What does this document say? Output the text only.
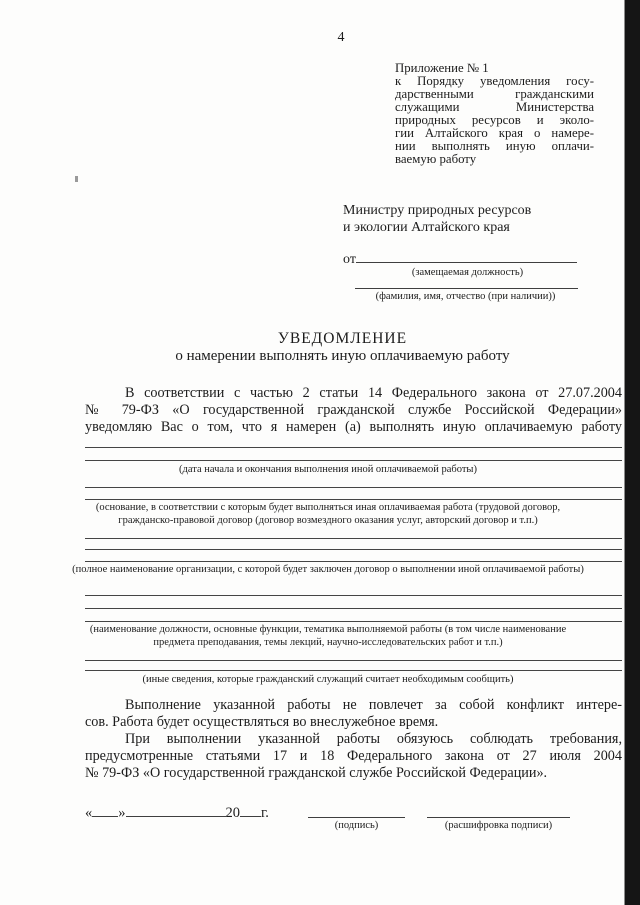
4
Приложение № 1
к Порядку уведомления госу-
дарственными гражданскими
служащими Министерства
природных ресурсов и эколо-
гии Алтайского края о намере-
нии выполнять иную оплачи-
ваемую работу
Министру природных ресурсов
и экологии Алтайского края
от
(замещаемая должность)
(фамилия, имя, отчество (при наличии))
УВЕДОМЛЕНИЕ
о намерении выполнять иную оплачиваемую работу
В соответствии с частью 2 статьи 14 Федерального закона от 27.07.2004
№ 79-ФЗ «О государственной гражданской службе Российской Федерации»
уведомляю Вас о том, что я намерен (а) выполнять иную оплачиваемую работу
(дата начала и окончания выполнения иной оплачиваемой работы)
(основание, в соответствии с которым будет выполняться иная оплачиваемая работа (трудовой договор, гражданско-правовой договор (договор возмездного оказания услуг, авторский договор и т.п.)
(полное наименование организации, с которой будет заключен договор о выполнении иной оплачиваемой работы)
(наименование должности, основные функции, тематика выполняемой работы (в том числе наименование предмета преподавания, темы лекций, научно-исследовательских работ и т.п.)
(иные сведения, которые гражданский служащий считает необходимым сообщить)
Выполнение указанной работы не повлечет за собой конфликт интере-
сов. Работа будет осуществляться во внеслужебное время.
При выполнении указанной работы обязуюсь соблюдать требования,
предусмотренные статьями 17 и 18 Федерального закона от 27 июля 2004
№ 79-ФЗ «О государственной гражданской службе Российской Федерации».
« »	20 г.
(подпись)	(расшифровка подписи)
